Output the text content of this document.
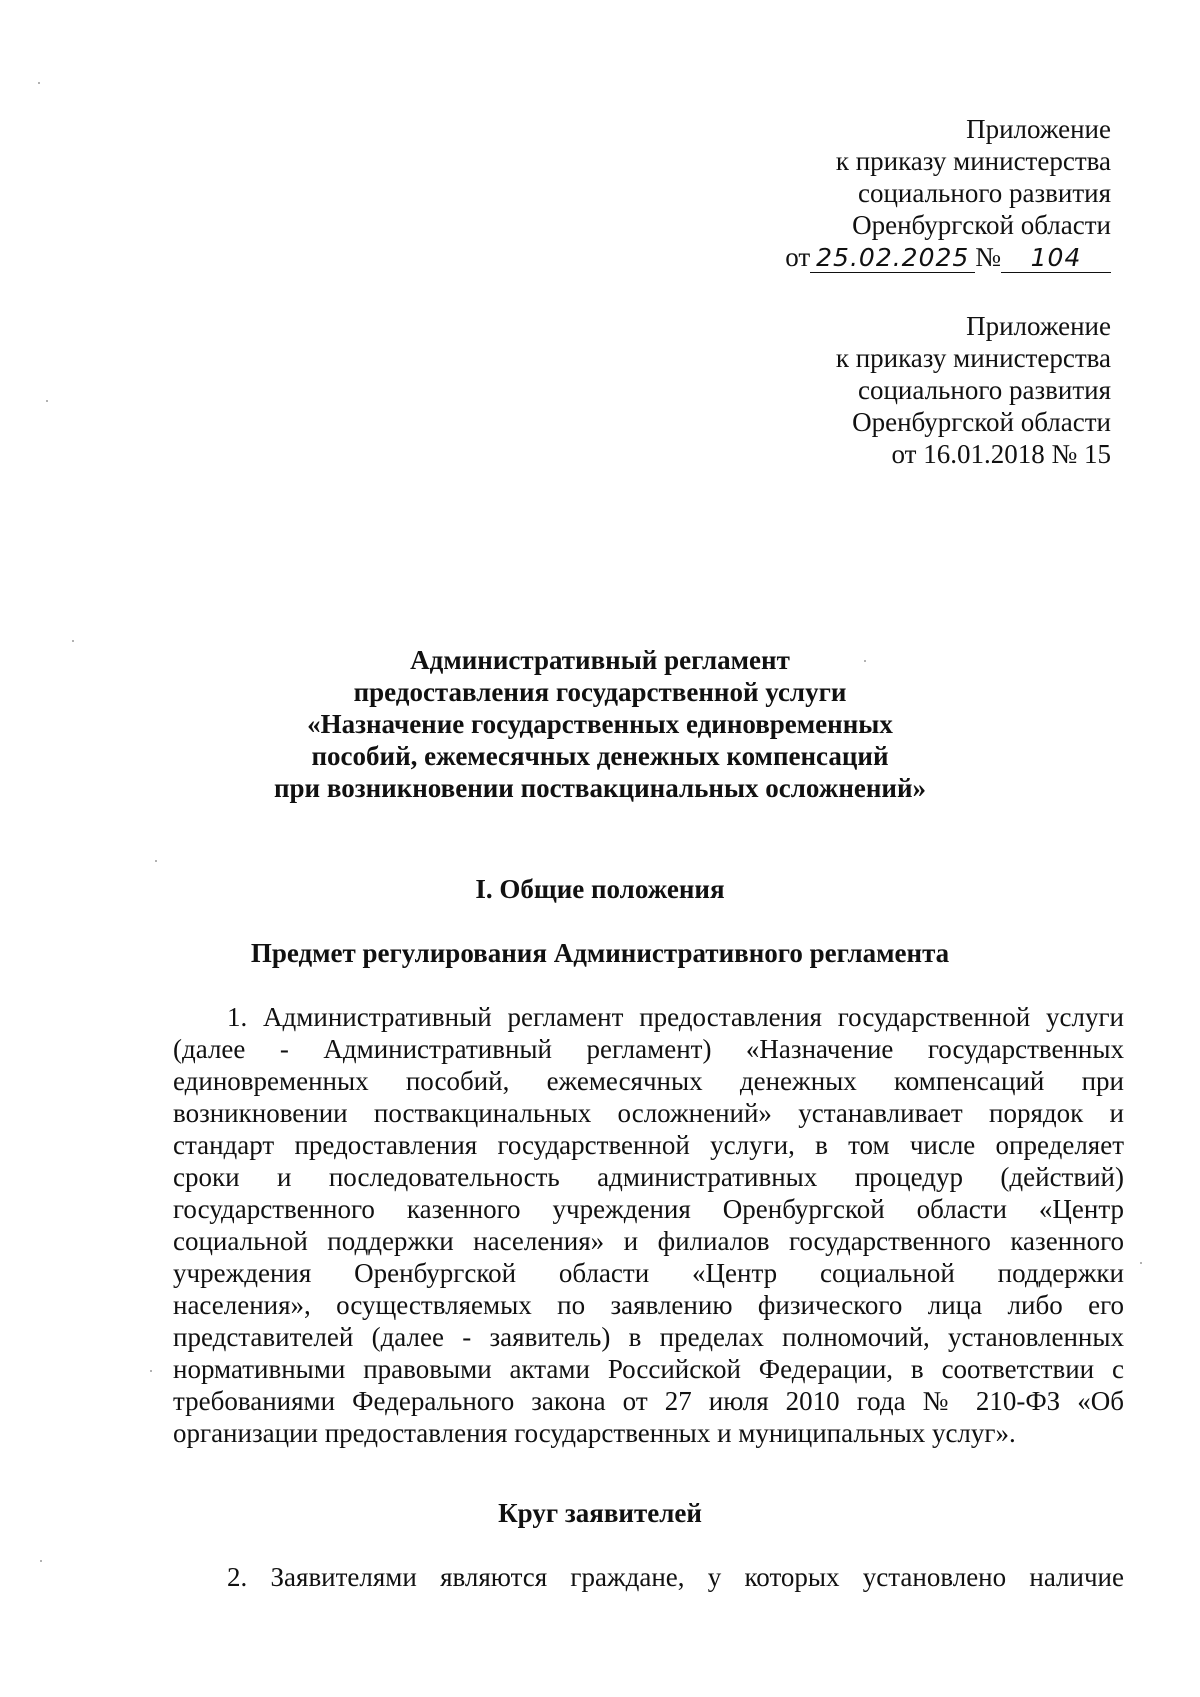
Приложение
к приказу министерства
социального развития
Оренбургской области
от 25.02.2025 № 104
Приложение
к приказу министерства
социального развития
Оренбургской области
от 16.01.2018 № 15
Административный регламент
предоставления государственной услуги
«Назначение государственных единовременных
пособий, ежемесячных денежных компенсаций
при возникновении поствакцинальных осложнений»
I. Общие положения
Предмет регулирования Административного регламента
1. Административный регламент предоставления государственной услуги
(далее - Административный регламент) «Назначение государственных
единовременных пособий, ежемесячных денежных компенсаций при
возникновении поствакцинальных осложнений» устанавливает порядок и
стандарт предоставления государственной услуги, в том числе определяет
сроки и последовательность административных процедур (действий)
государственного казенного учреждения Оренбургской области «Центр
социальной поддержки населения» и филиалов государственного казенного
учреждения Оренбургской области «Центр социальной поддержки
населения», осуществляемых по заявлению физического лица либо его
представителей (далее - заявитель) в пределах полномочий, установленных
нормативными правовыми актами Российской Федерации, в соответствии с
требованиями Федерального закона от 27 июля 2010 года № 210-ФЗ «Об
организации предоставления государственных и муниципальных услуг».
Круг заявителей
2. Заявителями являются граждане, у которых установлено наличие
